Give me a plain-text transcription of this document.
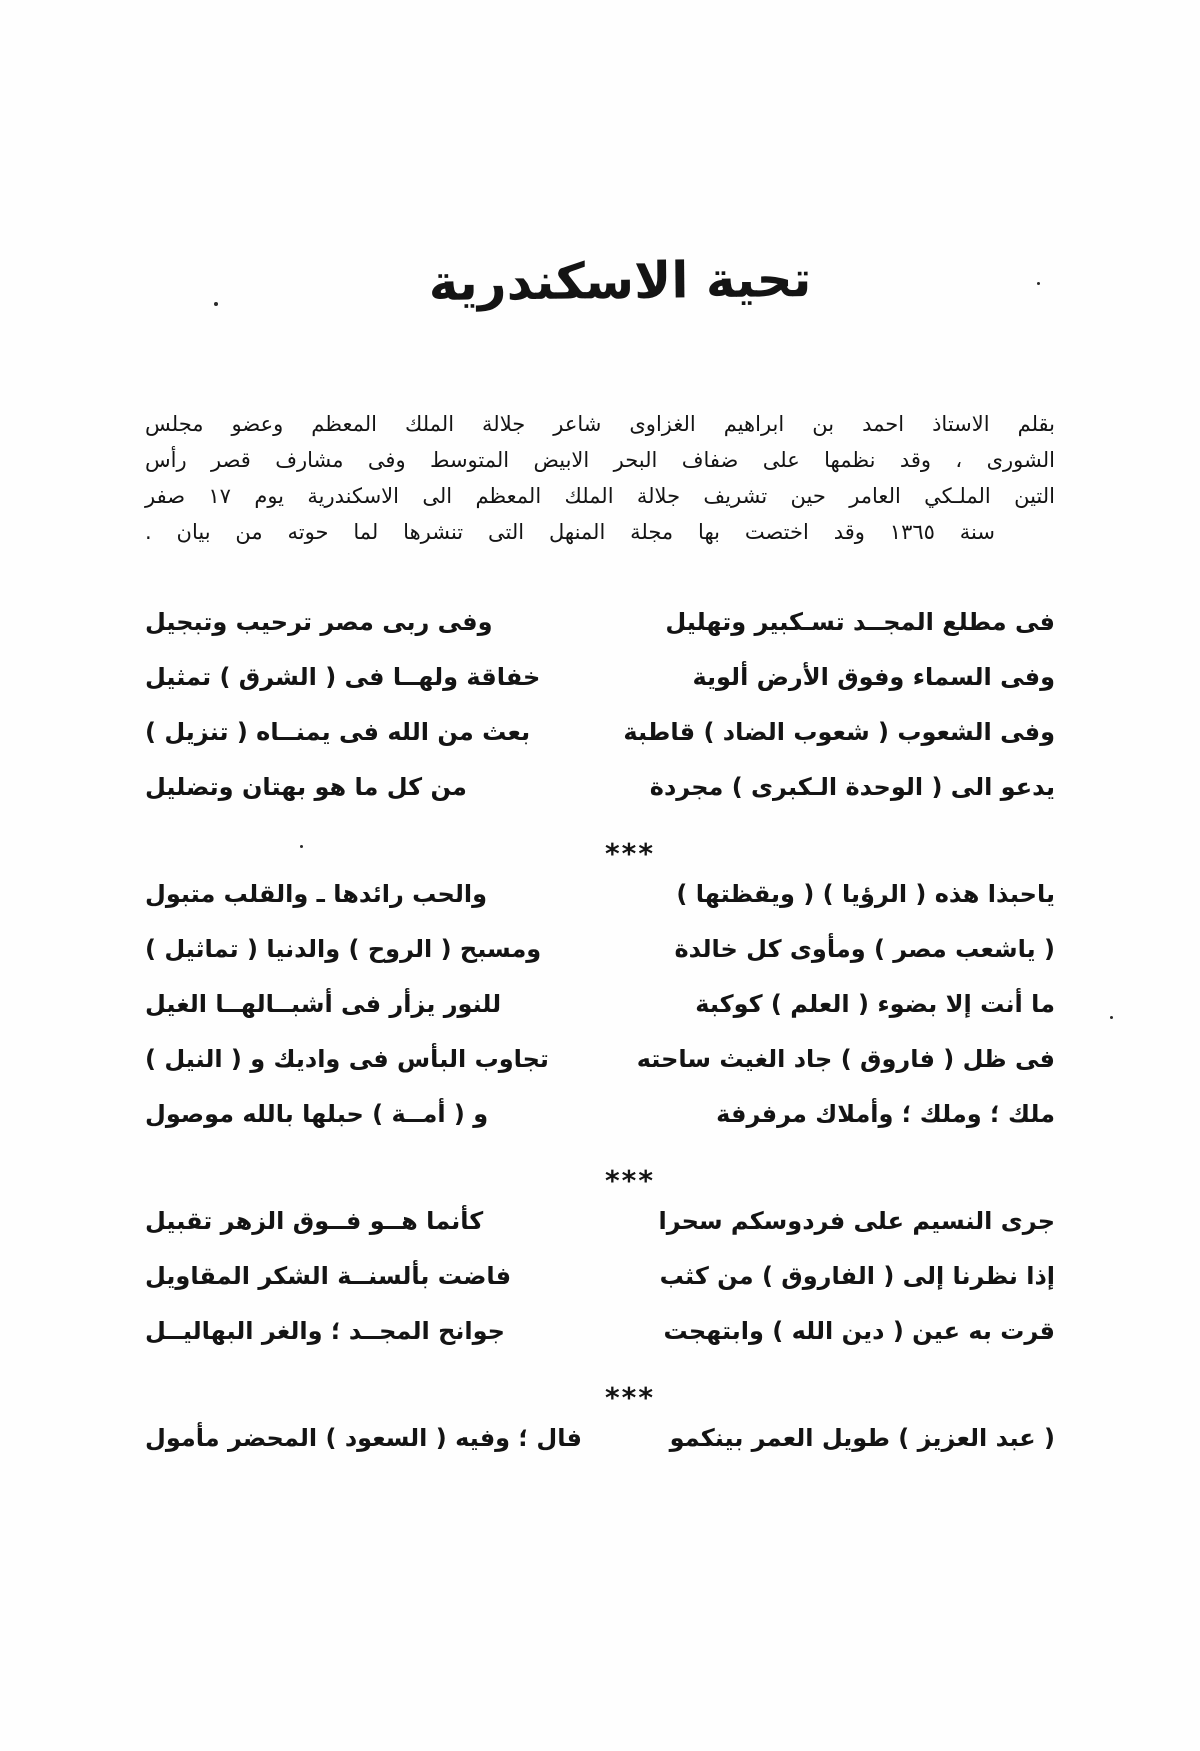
تحية الاسكندرية
بقلم الاستاذ احمد بن ابراهيم الغزاوى شاعر جلالة الملك المعظم وعضو مجلس
الشورى ، وقد نظمها على ضفاف البحر الابيض المتوسط وفى مشارف قصر رأس
التين الملـكي العامر حين تشريف جلالة الملك المعظم الى الاسكندرية يوم ١٧ صفر
سنة ١٣٦٥ وقد اختصت بها مجلة المنهل التى تنشرها لما حوته من بيان .
فى مطلع المجــد تسـكبير وتهليل
وفى ربى مصر ترحيب وتبجيل
وفى السماء وفوق الأرض ألوية
خفاقة ولهــا فى ( الشرق ) تمثيل
وفى الشعوب ( شعوب الضاد ) قاطبة
بعث من الله فى يمنــاه ( تنزيل )
يدعو الى ( الوحدة الـكبرى ) مجردة
من كل ما هو بهتان وتضليل
***
ياحبذا هذه ( الرؤيا ) ( ويقظتها )
والحب رائدها ـ والقلب متبول
( ياشعب مصر ) ومأوى كل خالدة
ومسبح ( الروح ) والدنيا ( تماثيل )
ما أنت إلا بضوء ( العلم ) كوكبة
للنور يزأر فى أشبــالهــا الغيل
فى ظل ( فاروق ) جاد الغيث ساحته
تجاوب البأس فى واديك و ( النيل )
ملك ؛ وملك ؛ وأملاك مرفرفة
و ( أمــة ) حبلها بالله موصول
***
جرى النسيم على فردوسكم سحرا
كأنما هــو فــوق الزهر تقبيل
إذا نظرنا إلى ( الفاروق ) من كثب
فاضت بألسنــة الشكر المقاويل
قرت به عين ( دين الله ) وابتهجت
جوانح المجــد ؛ والغر البهاليــل
***
( عبد العزيز ) طويل العمر بينكمو
فال ؛ وفيه ( السعود ) المحضر مأمول
